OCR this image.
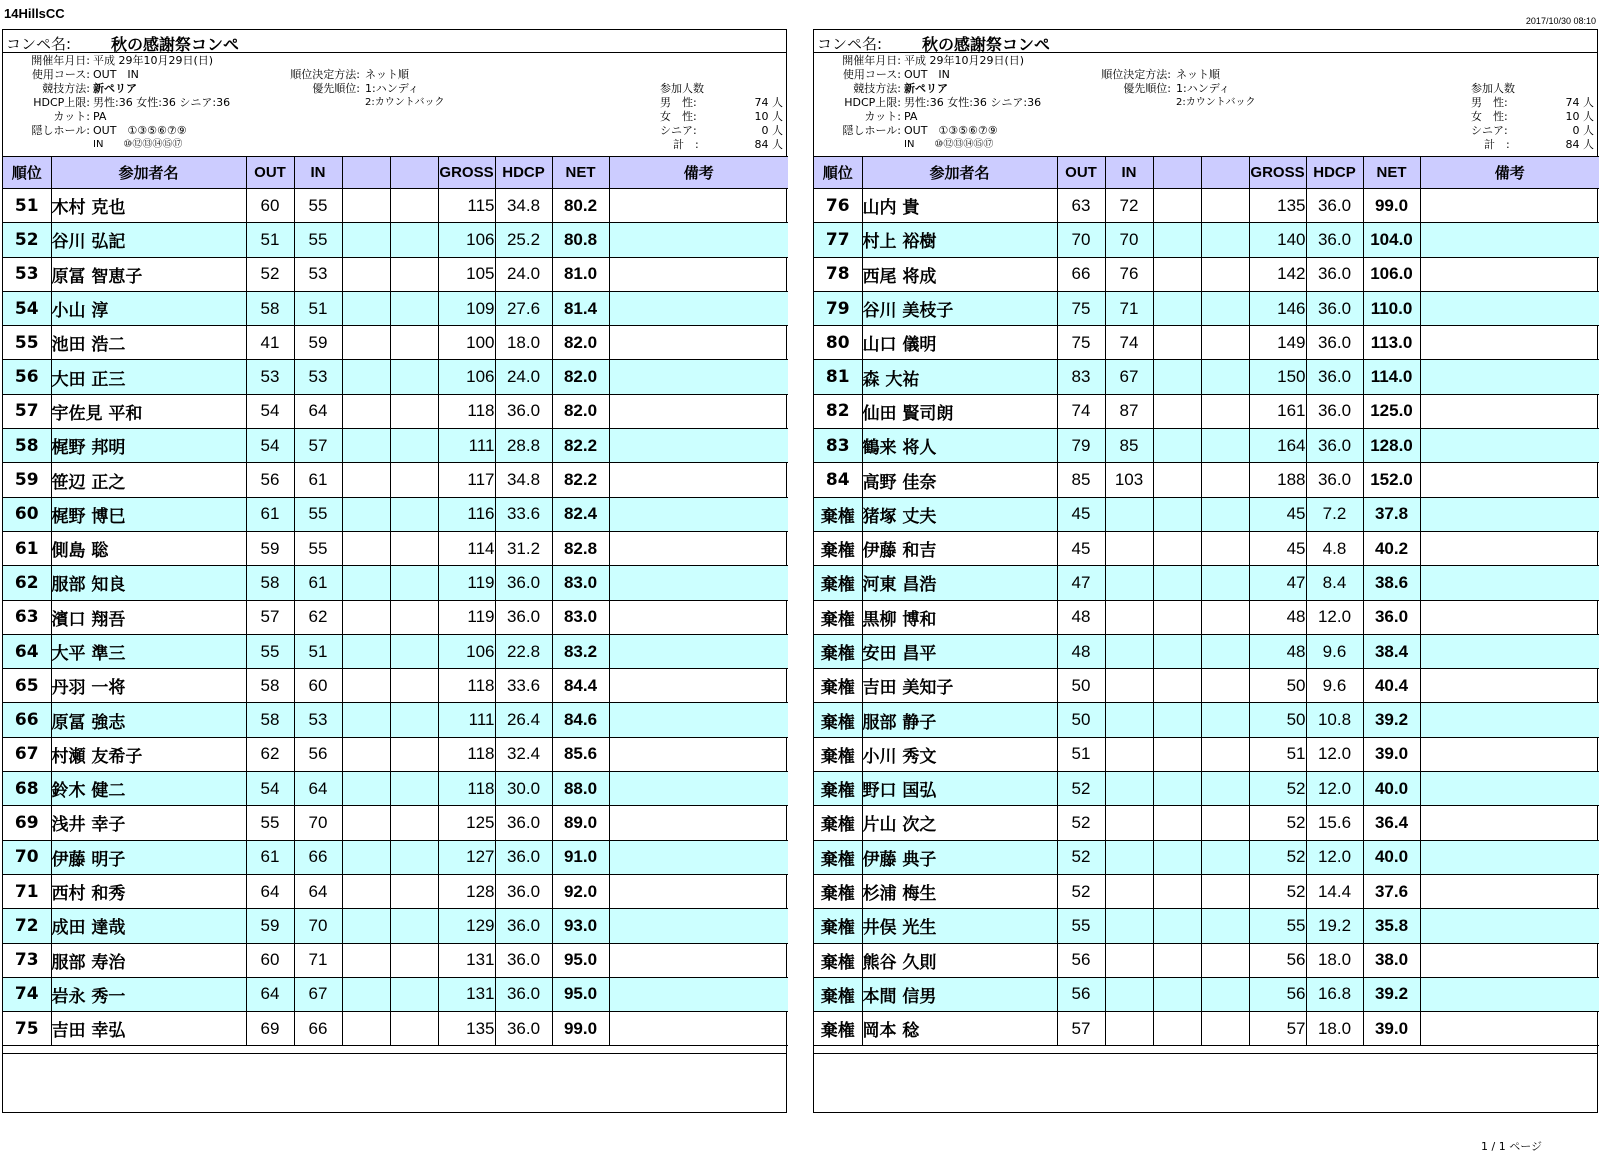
14HillsCC	2017/10/30 08:10
コンペ名: 秋の感謝祭コンペ
開催年月日: 平成 29年10月29日(日)
使用コース: OUT　IN
競技方法: 新ペリア
HDCP上限: 男性:36 女性:36 シニア:36
カット: PA
隠しホール: OUT　①③⑤⑥⑦⑨
IN　　⑩⑫⑬⑭⑮⑰
順位決定方法: ネット順
優先順位: 1:ハンディ
2:カウントバック
参加人数
男　性:	74 人
女　性:	10 人
シニア:	0 人
計　:	84 人
順位	参加者名	OUT	IN			GROSS	HDCP	NET	備考
51	木村 克也	60	55			115	34.8	80.2	
52	谷川 弘記	51	55			106	25.2	80.8	
53	原冨 智恵子	52	53			105	24.0	81.0	
54	小山 淳	58	51			109	27.6	81.4	
55	池田 浩二	41	59			100	18.0	82.0	
56	大田 正三	53	53			106	24.0	82.0	
57	宇佐見 平和	54	64			118	36.0	82.0	
58	梶野 邦明	54	57			111	28.8	82.2	
59	笹辺 正之	56	61			117	34.8	82.2	
60	梶野 博巳	61	55			116	33.6	82.4	
61	側島 聡	59	55			114	31.2	82.8	
62	服部 知良	58	61			119	36.0	83.0	
63	濱口 翔吾	57	62			119	36.0	83.0	
64	大平 準三	55	51			106	22.8	83.2	
65	丹羽 一将	58	60			118	33.6	84.4	
66	原冨 強志	58	53			111	26.4	84.6	
67	村瀬 友希子	62	56			118	32.4	85.6	
68	鈴木 健二	54	64			118	30.0	88.0	
69	浅井 幸子	55	70			125	36.0	89.0	
70	伊藤 明子	61	66			127	36.0	91.0	
71	西村 和秀	64	64			128	36.0	92.0	
72	成田 達哉	59	70			129	36.0	93.0	
73	服部 寿治	60	71			131	36.0	95.0	
74	岩永 秀一	64	67			131	36.0	95.0	
75	吉田 幸弘	69	66			135	36.0	99.0	
コンペ名: 秋の感謝祭コンペ
開催年月日: 平成 29年10月29日(日)
使用コース: OUT　IN
競技方法: 新ペリア
HDCP上限: 男性:36 女性:36 シニア:36
カット: PA
隠しホール: OUT　①③⑤⑥⑦⑨
IN　　⑩⑫⑬⑭⑮⑰
順位決定方法: ネット順
優先順位: 1:ハンディ
2:カウントバック
参加人数
男　性:	74 人
女　性:	10 人
シニア:	0 人
計　:	84 人
順位	参加者名	OUT	IN			GROSS	HDCP	NET	備考
76	山内 貴	63	72			135	36.0	99.0	
77	村上 裕樹	70	70			140	36.0	104.0	
78	西尾 将成	66	76			142	36.0	106.0	
79	谷川 美枝子	75	71			146	36.0	110.0	
80	山口 儀明	75	74			149	36.0	113.0	
81	森 大祐	83	67			150	36.0	114.0	
82	仙田 賢司朗	74	87			161	36.0	125.0	
83	鶴来 将人	79	85			164	36.0	128.0	
84	高野 佳奈	85	103			188	36.0	152.0	
棄権	猪塚 丈夫	45				45	7.2	37.8	
棄権	伊藤 和吉	45				45	4.8	40.2	
棄権	河東 昌浩	47				47	8.4	38.6	
棄権	黒柳 博和	48				48	12.0	36.0	
棄権	安田 昌平	48				48	9.6	38.4	
棄権	吉田 美知子	50				50	9.6	40.4	
棄権	服部 静子	50				50	10.8	39.2	
棄権	小川 秀文	51				51	12.0	39.0	
棄権	野口 国弘	52				52	12.0	40.0	
棄権	片山 次之	52				52	15.6	36.4	
棄権	伊藤 典子	52				52	12.0	40.0	
棄権	杉浦 梅生	52				52	14.4	37.6	
棄権	井俣 光生	55				55	19.2	35.8	
棄権	熊谷 久則	56				56	18.0	38.0	
棄権	本間 信男	56				56	16.8	39.2	
棄権	岡本 稔	57				57	18.0	39.0	
1 / 1 ページ
